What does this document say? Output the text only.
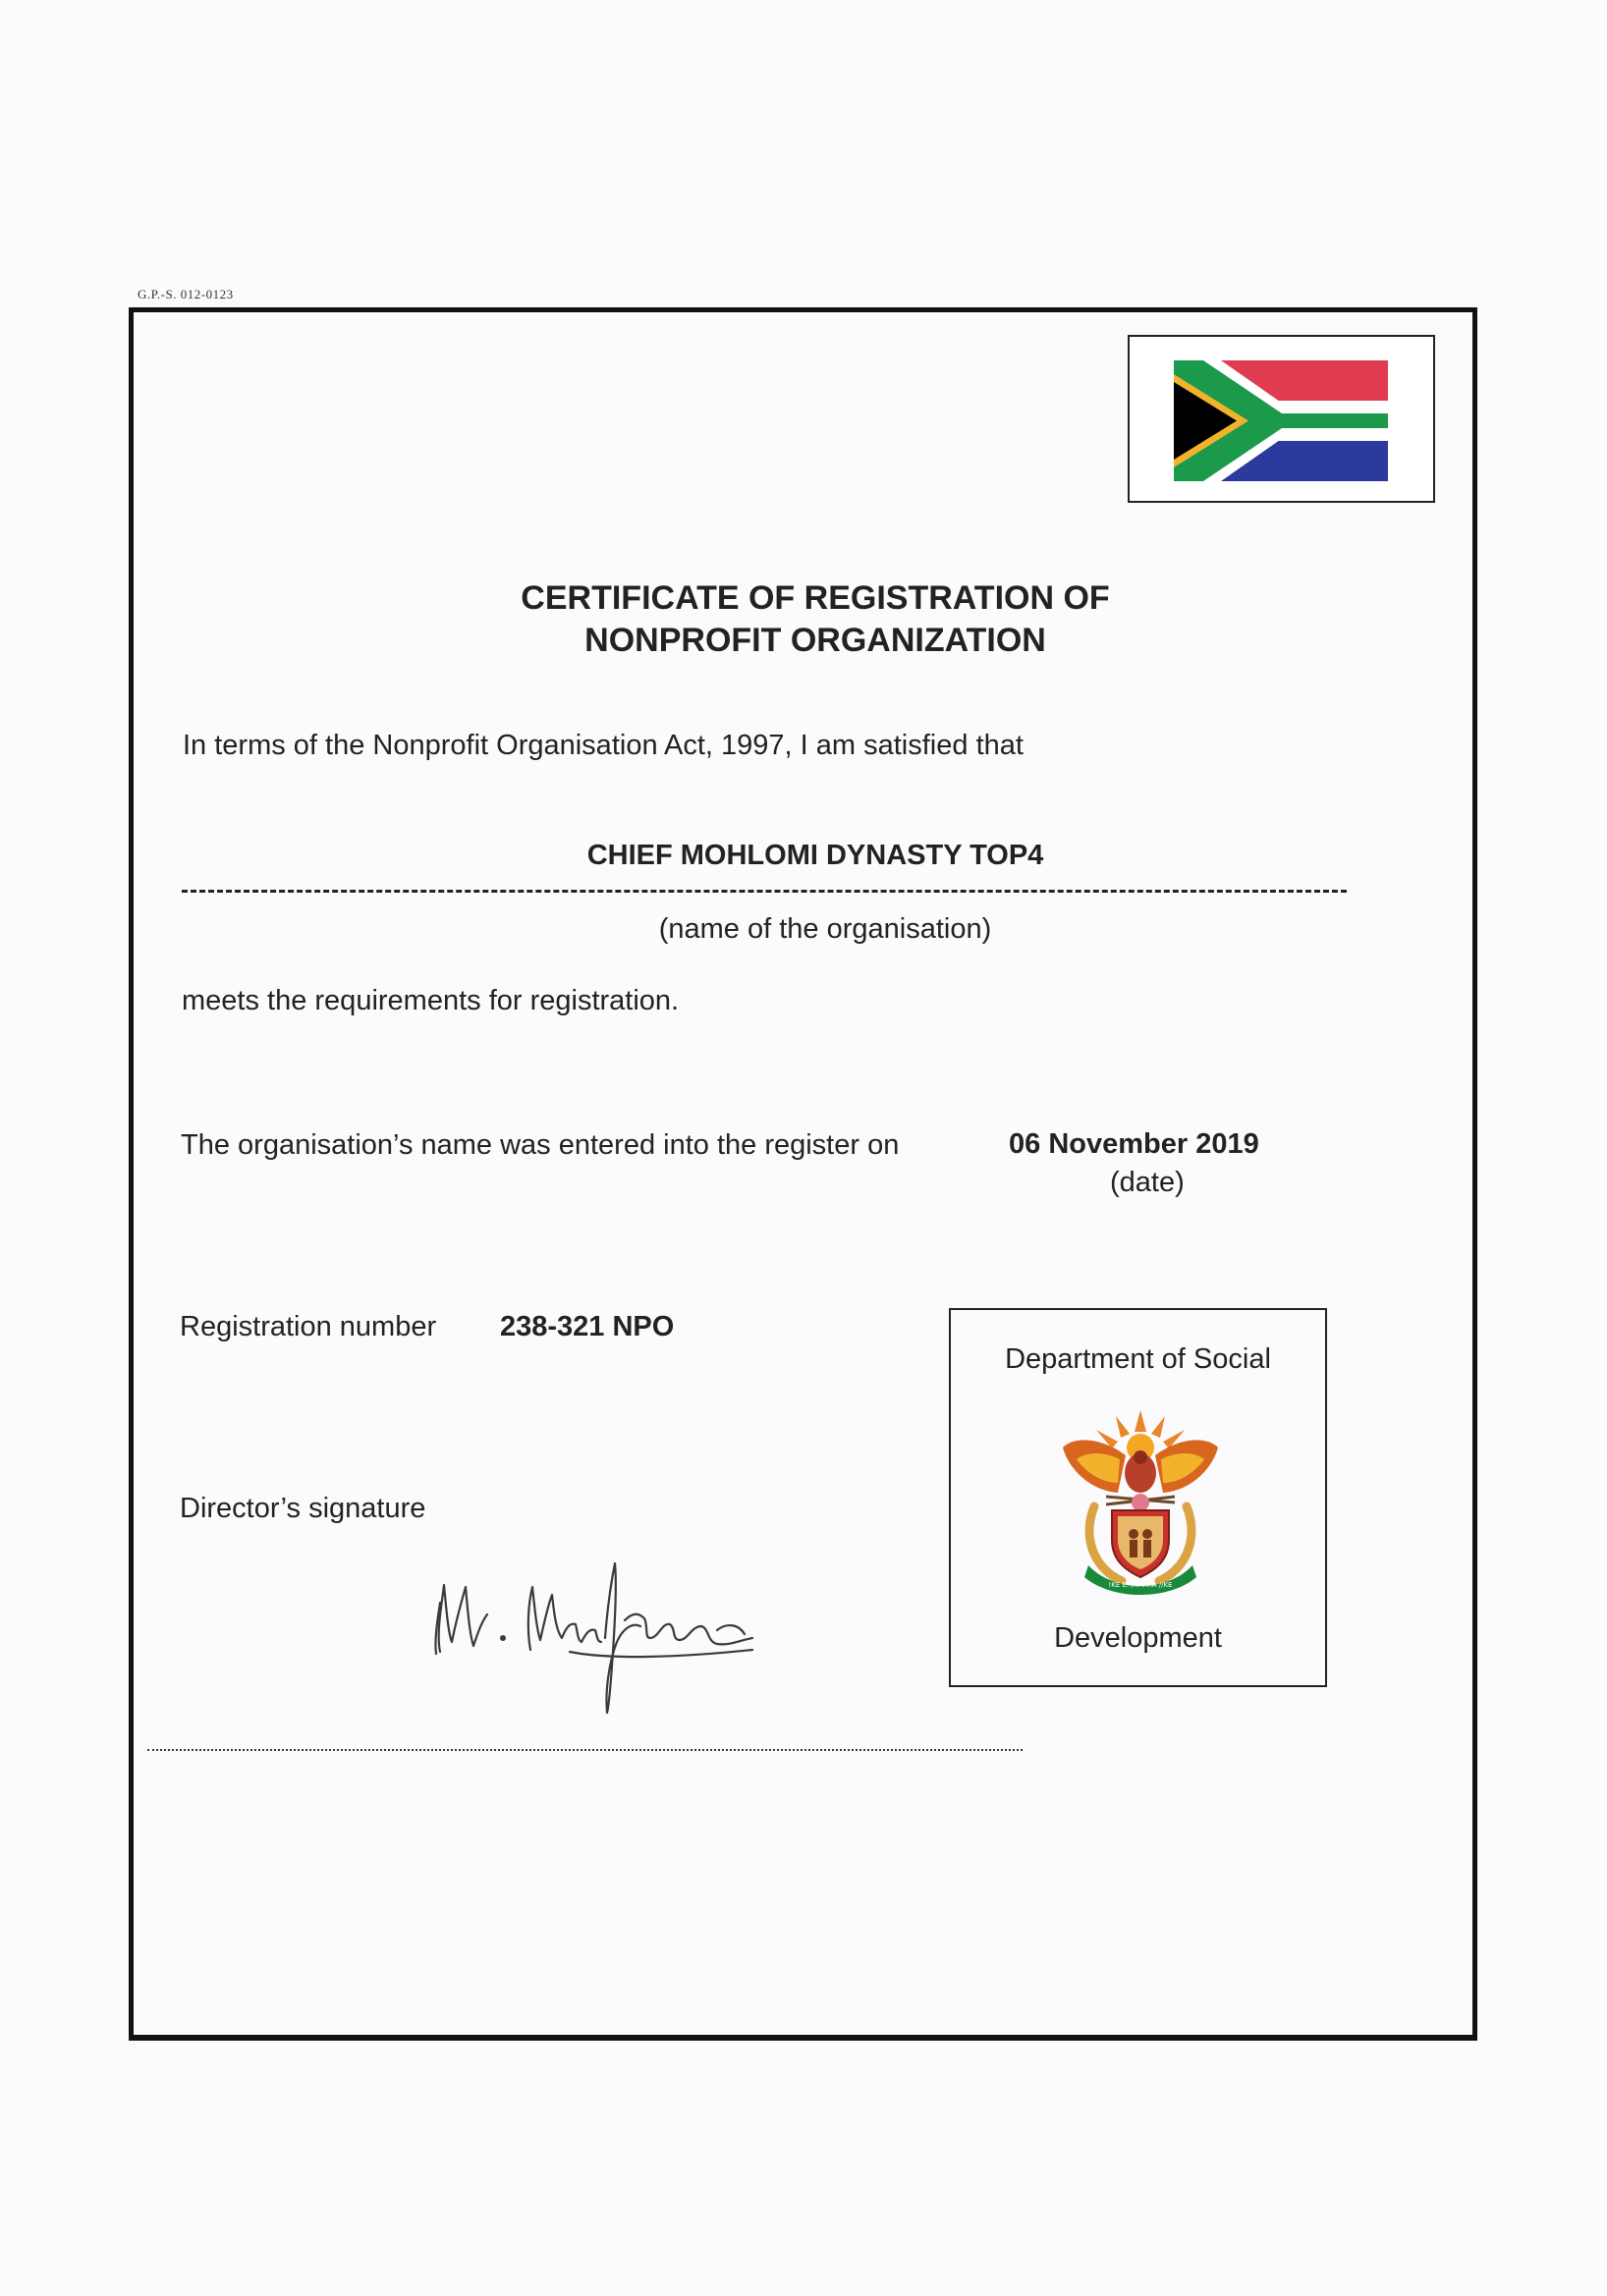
G.P.-S. 012-0123
CERTIFICATE OF REGISTRATION OF
NONPROFIT ORGANIZATION
In terms of the Nonprofit Organisation Act, 1997, I am satisfied that
CHIEF MOHLOMI DYNASTY TOP4
(name of the organisation)
meets the requirements for registration.
The organisation’s name was entered into the register on	06 November 2019
(date)
Registration number 238-321 NPO
Director’s signature
Department of Social
!KE E: /XARRA //KE
Development
